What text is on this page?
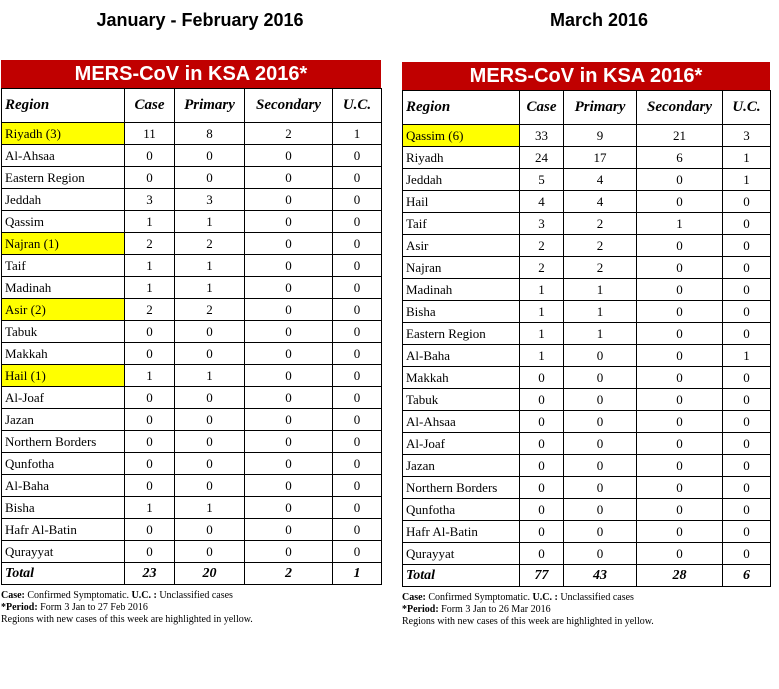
January - February 2016	March 2016
MERS-CoV in KSA 2016*
Region	Case	Primary	Secondary	U.C.
Riyadh (3)	11	8	2	1
Al-Ahsaa	0	0	0	0
Eastern Region	0	0	0	0
Jeddah	3	3	0	0
Qassim	1	1	0	0
Najran (1)	2	2	0	0
Taif	1	1	0	0
Madinah	1	1	0	0
Asir (2)	2	2	0	0
Tabuk	0	0	0	0
Makkah	0	0	0	0
Hail (1)	1	1	0	0
Al-Joaf	0	0	0	0
Jazan	0	0	0	0
Northern Borders	0	0	0	0
Qunfotha	0	0	0	0
Al-Baha	0	0	0	0
Bisha	1	1	0	0
Hafr Al-Batin	0	0	0	0
Qurayyat	0	0	0	0
Total	23	20	2	1
Case: Confirmed Symptomatic. U.C. : Unclassified cases
*Period: Form 3 Jan to 27 Feb 2016
Regions with new cases of this week are highlighted in yellow.
MERS-CoV in KSA 2016*
Region	Case	Primary	Secondary	U.C.
Qassim (6)	33	9	21	3
Riyadh	24	17	6	1
Jeddah	5	4	0	1
Hail	4	4	0	0
Taif	3	2	1	0
Asir	2	2	0	0
Najran	2	2	0	0
Madinah	1	1	0	0
Bisha	1	1	0	0
Eastern Region	1	1	0	0
Al-Baha	1	0	0	1
Makkah	0	0	0	0
Tabuk	0	0	0	0
Al-Ahsaa	0	0	0	0
Al-Joaf	0	0	0	0
Jazan	0	0	0	0
Northern Borders	0	0	0	0
Qunfotha	0	0	0	0
Hafr Al-Batin	0	0	0	0
Qurayyat	0	0	0	0
Total	77	43	28	6
Case: Confirmed Symptomatic. U.C. : Unclassified cases
*Period: Form 3 Jan to 26 Mar 2016
Regions with new cases of this week are highlighted in yellow.
